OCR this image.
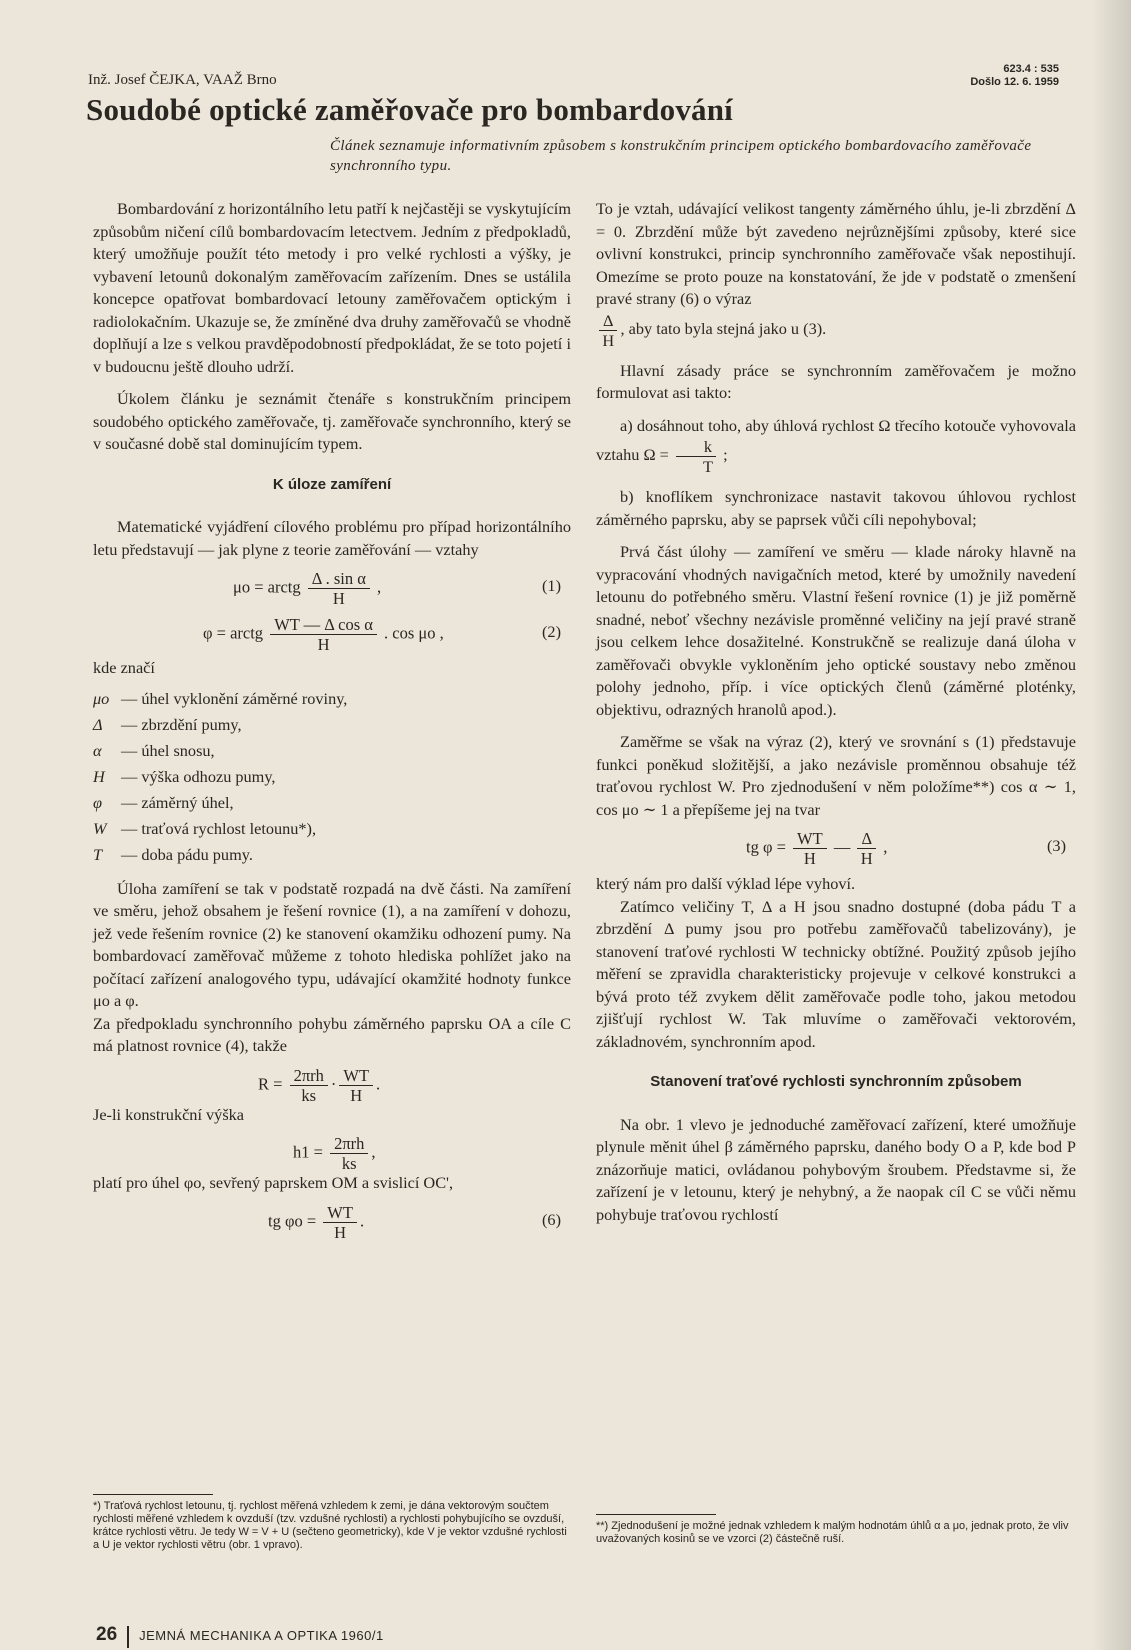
Inž. Josef ČEJKA, VAAŽ Brno
623.4 : 535
Došlo 12. 6. 1959
Soudobé optické zaměřovače pro bombardování
Článek seznamuje informativním způsobem s konstrukčním principem optického bombardovacího zaměřovače synchronního typu.

Bombardování z horizontálního letu patří k nejčastěji se vyskytujícím způsobům ničení cílů bombardovacím letectvem. Jedním z předpokladů, který umožňuje použít této metody i pro velké rychlosti a výšky, je vybavení letounů dokonalým zaměřovacím zařízením. Dnes se ustálila koncepce opatřovat bombardovací letouny zaměřovačem optickým i radiolokačním. Ukazuje se, že zmíněné dva druhy zaměřovačů se vhodně doplňují a lze s velkou pravděpodobností předpokládat, že se toto pojetí i v budoucnu ještě dlouho udrží.

Úkolem článku je seznámit čtenáře s konstrukčním principem soudobého optického zaměřovače, tj. zaměřovače synchronního, který se v současné době stal dominujícím typem.

K úloze zamíření

Matematické vyjádření cílového problému pro případ horizontálního letu představují — jak plyne z teorie zaměřování — vztahy

μo = arctg $\frac{\text{Δ . sin α}}{H}$ ,	(1)
φ = arctg $\frac{\text{WT — Δ cos α}}{H}$ . cos μo ,	(2)

kde značí

μo — úhel vyklonění záměrné roviny,
Δ — zbrzdění pumy,
α — úhel snosu,
H — výška odhozu pumy,
φ — záměrný úhel,
W — traťová rychlost letounu*),
T — doba pádu pumy.

Úloha zamíření se tak v podstatě rozpadá na dvě části. Na zamíření ve směru, jehož obsahem je řešení rovnice (1), a na zamíření v dohozu, jež vede řešením rovnice (2) ke stanovení okamžiku odhození pumy. Na bombardovací zaměřovač můžeme z tohoto hlediska pohlížet jako na počítací zařízení analogového typu, udávající okamžité hodnoty funkce μo a φ.

Za předpokladu synchronního pohybu záměrného paprsku OA a cíle C má platnost rovnice (4), takže

$R = \frac{\text{2πrh}}{ks} \cdot \frac{WT}{H}$ .

Je-li konstrukční výška

$h1 = \frac{\text{2πrh}}{ks}$ ,

platí pro úhel φo, sevřený paprskem OM a svislicí OC',

tg $\varphi o = \frac{WT}{H}$ .	(6)
*) Traťová rychlost letounu, tj. rychlost měřená vzhledem k zemi, je dána vektorovým součtem rychlosti měřené vzhledem k ovzduší (tzv. vzdušné rychlosti) a rychlosti pohybujícího se ovzduší, krátce rychlosti větru. Je tedy W = V + U (sečteno geometricky), kde V je vektor vzdušné rychlosti a U je vektor rychlosti větru (obr. 1 vpravo).

To je vztah, udávající velikost tangenty záměrného úhlu, je-li zbrzdění Δ = 0. Zbrzdění může být zavedeno nejrůznějšími způsoby, které sice ovlivní konstrukci, princip synchronního zaměřovače však nepostihují. Omezíme se proto pouze na konstatování, že jde v podstatě o zmenšení pravé strany (6) o výraz

$\frac{\Delta}{H}$ , aby tato byla stejná jako u (3).

Hlavní zásady práce se synchronním zaměřovačem je možno formulovat asi takto:

a) dosáhnout toho, aby úhlová rychlost Ω třecího kotouče vyhovovala vztahu $\Omega = \frac{k}{T}$ ;

b) knoflíkem synchronizace nastavit takovou úhlovou rychlost záměrného paprsku, aby se paprsek vůči cíli nepohyboval;

Prvá část úlohy — zamíření ve směru — klade nároky hlavně na vypracování vhodných navigačních metod, které by umožnily navedení letounu do potřebného směru. Vlastní řešení rovnice (1) je již poměrně snadné, neboť všechny nezávisle proměnné veličiny na její pravé straně jsou celkem lehce dosažitelné. Konstrukčně se realizuje daná úloha v zaměřovači obvykle vykloněním jeho optické soustavy nebo změnou polohy jednoho, příp. i více optických členů (záměrné ploténky, objektivu, odrazných hranolů apod.).

Zaměřme se však na výraz (2), který ve srovnání s (1) představuje funkci poněkud složitější, a jako nezávisle proměnnou obsahuje též traťovou rychlost W. Pro zjednodušení v něm položíme**) cos α ∼ 1, cos μo ∼ 1 a přepíšeme jej na tvar

tg $\varphi = \frac{WT}{H}$ — $\frac{\Delta}{H}$ ,	(3)

který nám pro další výklad lépe vyhoví.

Zatímco veličiny T, Δ a H jsou snadno dostupné (doba pádu T a zbrzdění Δ pumy jsou pro potřebu zaměřovačů tabelizovány), je stanovení traťové rychlosti W technicky obtížné. Použitý způsob jejího měření se zpravidla charakteristicky projevuje v celkové konstrukci a bývá proto též zvykem dělit zaměřovače podle toho, jakou metodou zjišťují rychlost W. Tak mluvíme o zaměřovači vektorovém, základnovém, synchronním apod.

Stanovení traťové rychlosti synchronním způsobem

Na obr. 1 vlevo je jednoduché zaměřovací zařízení, které umožňuje plynule měnit úhel β záměrného paprsku, daného body O a P, kde bod P znázorňuje matici, ovládanou pohybovým šroubem. Představme si, že zařízení je v letounu, který je nehybný, a že naopak cíl C se vůči němu pohybuje traťovou rychlostí

**) Zjednodušení je možné jednak vzhledem k malým hodnotám úhlů α a μo, jednak proto, že vliv uvažovaných kosinů se ve vzorci (2) částečně ruší.
26 JEMNÁ MECHANIKA A OPTIKA 1960/1
